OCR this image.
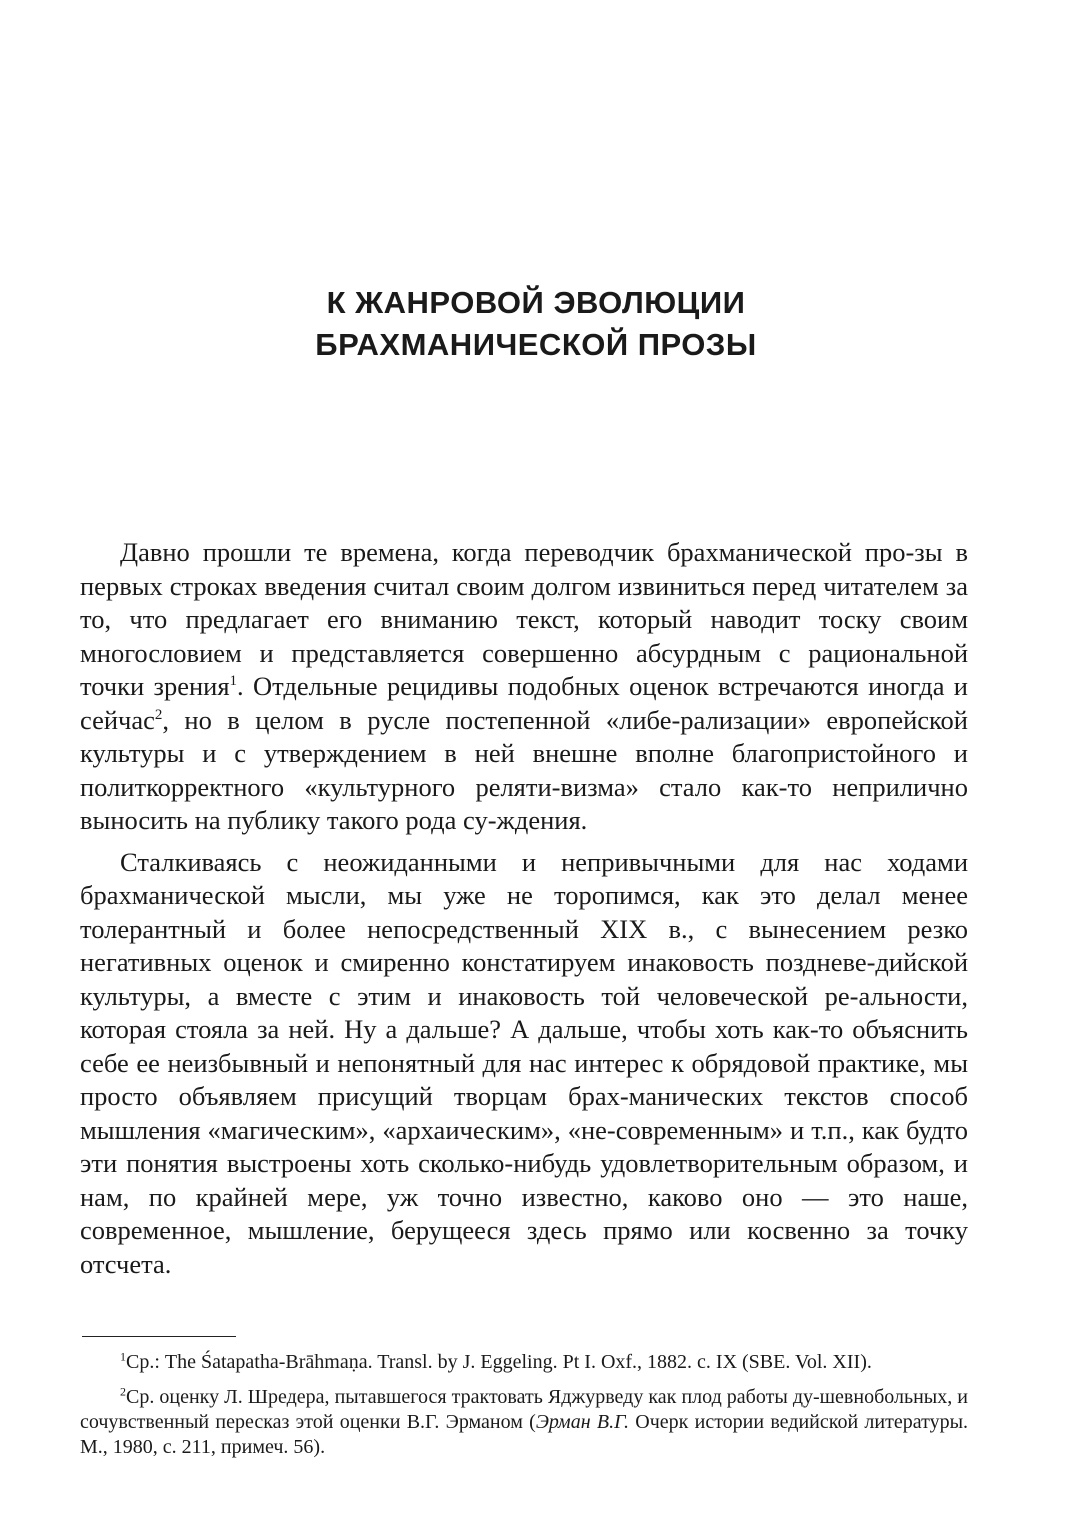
К ЖАНРОВОЙ ЭВОЛЮЦИИ
БРАХМАНИЧЕСКОЙ ПРОЗЫ

Давно прошли те времена, когда переводчик брахманической про-зы в первых строках введения считал своим долгом извиниться перед читателем за то, что предлагает его вниманию текст, который наводит тоску своим многословием и представляется совершенно абсурдным с рациональной точки зрения$^1$. Отдельные рецидивы подобных оценок встречаются иногда и сейчас$^2$, но в целом в русле постепенной «либе-рализации» европейской культуры и с утверждением в ней внешне вполне благопристойного и политкорректного «культурного реляти-визма» стало как-то неприлично выносить на публику такого рода су-ждения.

Сталкиваясь с неожиданными и непривычными для нас ходами брахманической мысли, мы уже не торопимся, как это делал менее толерантный и более непосредственный XIX в., с вынесением резко негативных оценок и смиренно констатируем инаковость поздневе-дийской культуры, а вместе с этим и инаковость той человеческой ре-альности, которая стояла за ней. Ну а дальше? А дальше, чтобы хоть как-то объяснить себе ее неизбывный и непонятный для нас интерес к обрядовой практике, мы просто объявляем присущий творцам брах-манических текстов способ мышления «магическим», «архаическим», «не-современным» и т.п., как будто эти понятия выстроены хоть сколько-нибудь удовлетворительным образом, и нам, по крайней мере, уж точно известно, каково оно — это наше, современное, мышление, берущееся здесь прямо или косвенно за точку отсчета.

$^1$Ср.: The Śatapatha-Brāhmaṇa. Transl. by J. Eggeling. Pt I. Oxf., 1882. c. IX (SBE. Vol. XII).

$^2$Ср. оценку Л. Шредера, пытавшегося трактовать Яджурведу как плод работы ду-шевнобольных, и сочувственный пересказ этой оценки В.Г. Эрманом (Эрман В.Г. Очерк истории ведийской литературы. М., 1980, с. 211, примеч. 56).
